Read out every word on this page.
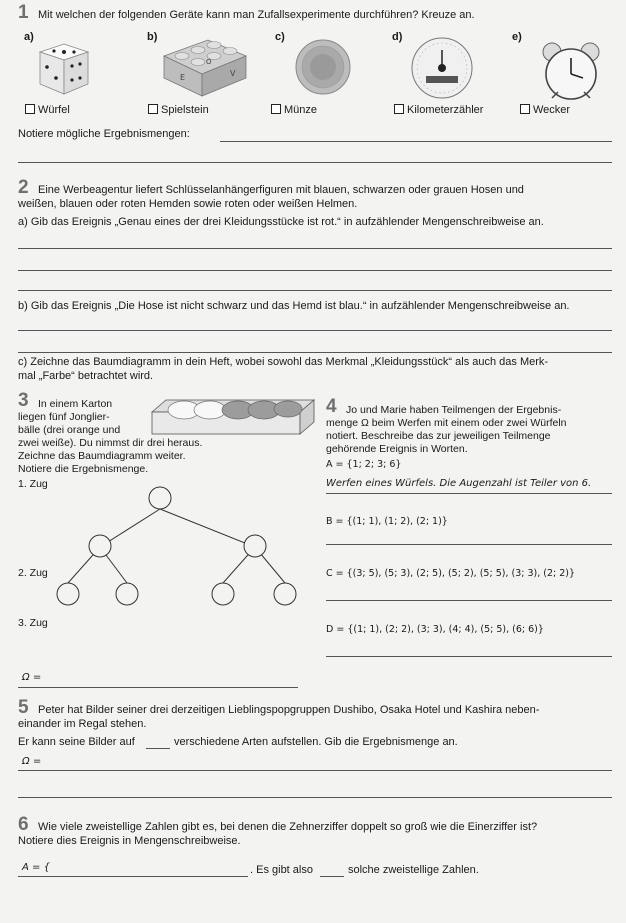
1 Mit welchen der folgenden Geräte kann man Zufallsexperimente durchführen? Kreuze an.
a)	b)	c)	d)	e)
E	V
O
Würfel	Spielstein	Münze	Kilometerzähler	Wecker
Notiere mögliche Ergebnismengen:
2 Eine Werbeagentur liefert Schlüsselanhängerfiguren mit blauen, schwarzen oder grauen Hosen und
weißen, blauen oder roten Hemden sowie roten oder weißen Helmen.
a) Gib das Ereignis „Genau eines der drei Kleidungsstücke ist rot.“ in aufzählender Mengenschreibweise an.
b) Gib das Ereignis „Die Hose ist nicht schwarz und das Hemd ist blau.“ in aufzählender Mengenschreibweise an.
c) Zeichne das Baumdiagramm in dein Heft, wobei sowohl das Merkmal „Kleidungsstück“ als auch das Merk-
mal „Farbe“ betrachtet wird.
3 In einem Karton
liegen fünf Jonglier-
bälle (drei orange und
zwei weiße). Du nimmst dir drei heraus.
Zeichne das Baumdiagramm weiter.
Notiere die Ergebnismenge.
1. Zug
2. Zug
3. Zug
Ω =
4 Jo und Marie haben Teilmengen der Ergebnis-
menge Ω beim Werfen mit einem oder zwei Würfeln
notiert. Beschreibe das zur jeweiligen Teilmenge
gehörende Ereignis in Worten.
A = {1; 2; 3; 6}
Werfen eines Würfels. Die Augenzahl ist Teiler von 6.
B = {(1; 1), (1; 2), (2; 1)}
C = {(3; 5), (5; 3), (2; 5), (5; 2), (5; 5), (3; 3), (2; 2)}
D = {(1; 1), (2; 2), (3; 3), (4; 4), (5; 5), (6; 6)}
5 Peter hat Bilder seiner drei derzeitigen Lieblingspopgruppen Dushibo, Osaka Hotel und Kashira neben-
einander im Regal stehen.
Er kann seine Bilder auf	verschiedene Arten aufstellen. Gib die Ergebnismenge an.
Ω =
6 Wie viele zweistellige Zahlen gibt es, bei denen die Zehnerziffer doppelt so groß wie die Einerziffer ist?
Notiere dies Ereignis in Mengenschreibweise.
A = {	. Es gibt also	solche zweistellige Zahlen.
